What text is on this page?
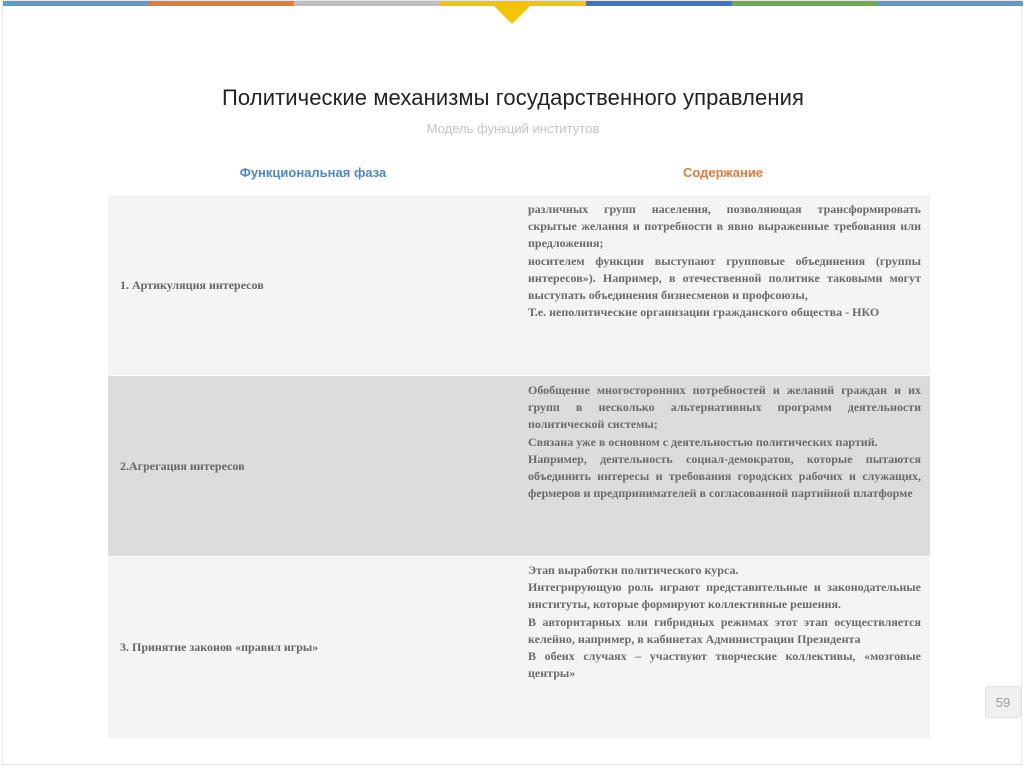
Политические механизмы государственного управления
Модель функций институтов
Функциональная фаза	Содержание
1. Артикуляция интересов

различных групп населения, позволяющая трансформировать скрытые желания и потребности в явно выраженные требования или предложения;

носителем функции выступают групповые объединения (группы интересов»). Например, в отечественной политике таковыми могут выступать объединения бизнесменов и профсоюзы,

Т.е. неполитические организации гражданского общества - НКО

2.Агрегация интересов

Обобщение многосторонних потребностей и желаний граждан и их групп в несколько альтернативных программ деятельности политической системы;

Связана уже в основном с деятельностью политических партий.

Например, деятельность социал-демократов, которые пытаются объединить интересы и требования городских рабочих и служащих, фермеров и предпринимателей в согласованной партийной платформе

3. Принятие законов «правил игры»

Этап выработки политического курса.

Интегрирующую роль играют представительные и законодательные институты, которые формируют коллективные решения.

В авторитарных или гибридных режимах этот этап осуществляется келейно, например, в кабинетах Администрации Президента

В обеих случаях – участвуют творческие коллективы, «мозговые центры»

59
